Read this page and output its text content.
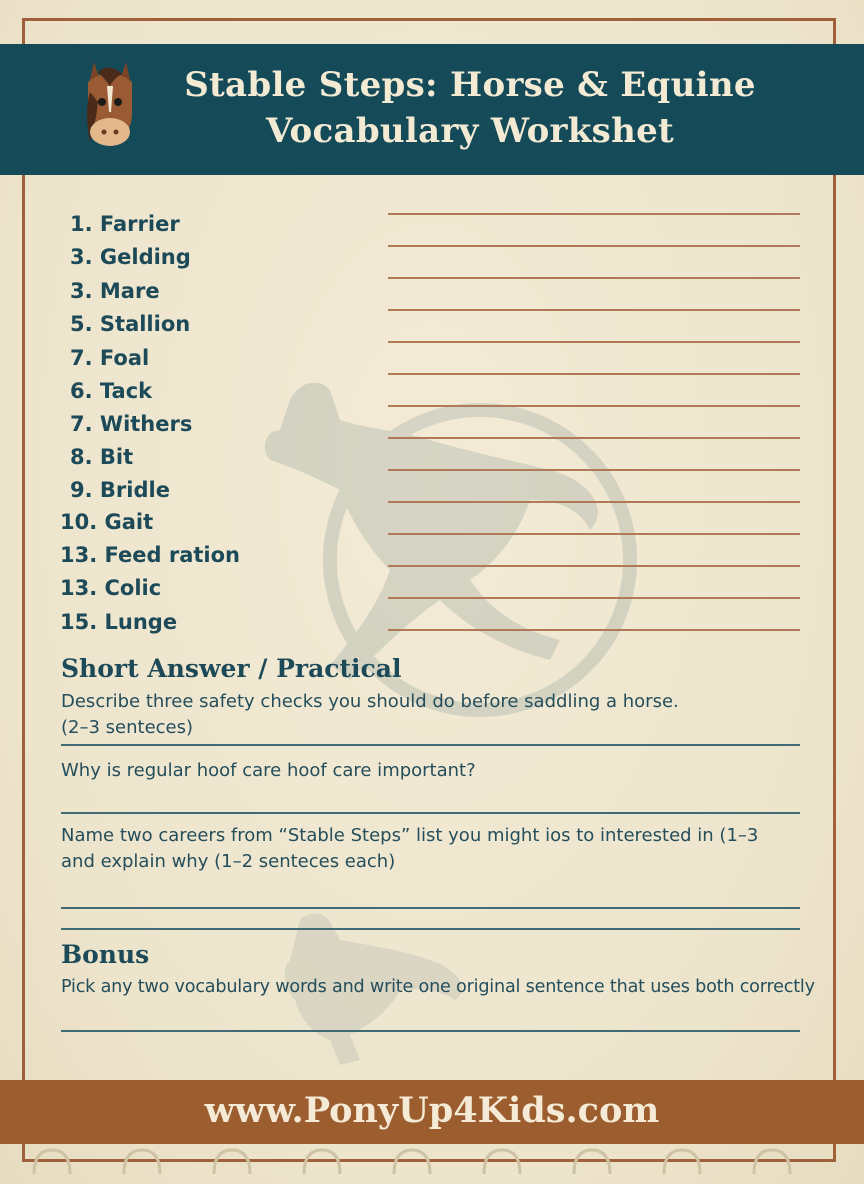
Stable Steps: Horse & Equine
Vocabulary Workshet
1. Farrier
3. Gelding
3. Mare
5. Stallion
7. Foal
6. Tack
7. Withers
8. Bit
9. Bridle
10. Gait
13. Feed ration
13. Colic
15. Lunge
Short Answer / Practical
Describe three safety checks you should do before saddling a horse.
(2–3 senteces)
Why is regular hoof care hoof care important?
Name two careers from “Stable Steps” list you might ios to interested in (1–3
and explain why (1–2 senteces each)
Bonus
Pick any two vocabulary words and write one original sentence that uses both correctly
www.PonyUp4Kids.com
